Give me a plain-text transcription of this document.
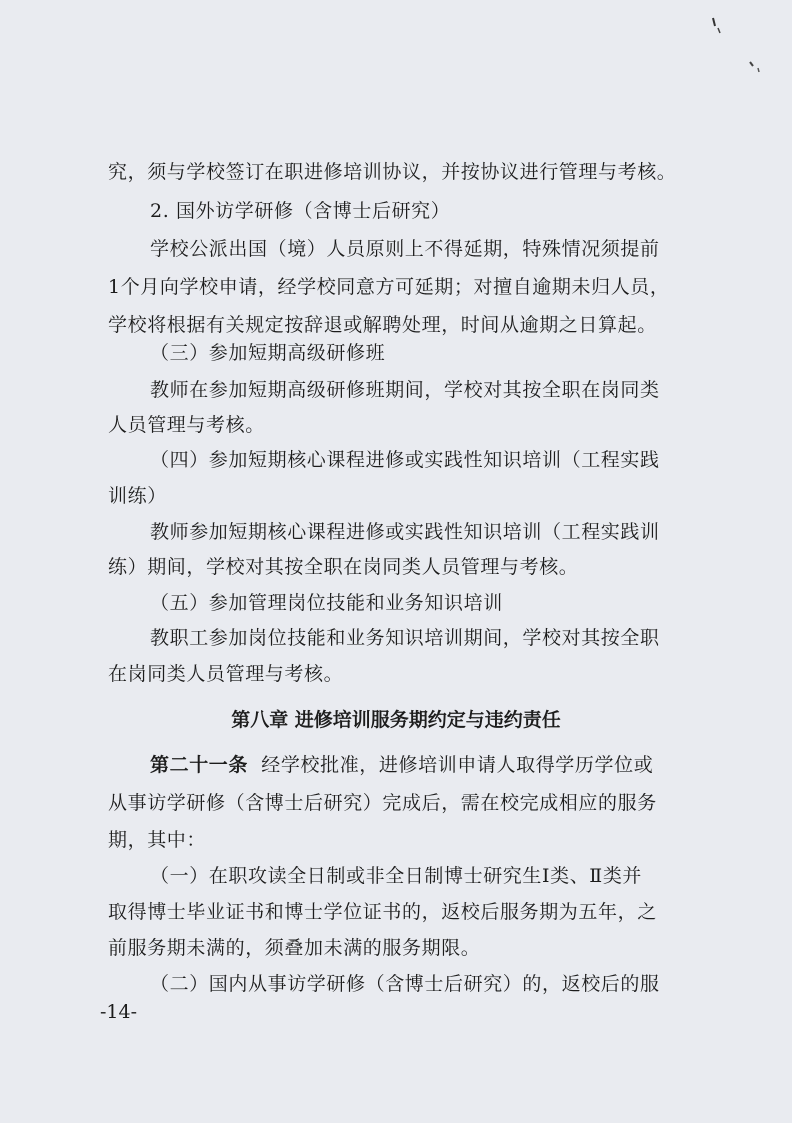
究，须与学校签订在职进修培训协议，并按协议进行管理与考核。
2. 国外访学研修（含博士后研究）
学校公派出国（境）人员原则上不得延期，特殊情况须提前
1个月向学校申请，经学校同意方可延期；对擅自逾期未归人员，
学校将根据有关规定按辞退或解聘处理，时间从逾期之日算起。
（三）参加短期高级研修班
教师在参加短期高级研修班期间，学校对其按全职在岗同类
人员管理与考核。
（四）参加短期核心课程进修或实践性知识培训（工程实践
训练）
教师参加短期核心课程进修或实践性知识培训（工程实践训
练）期间，学校对其按全职在岗同类人员管理与考核。
（五）参加管理岗位技能和业务知识培训
教职工参加岗位技能和业务知识培训期间，学校对其按全职
在岗同类人员管理与考核。
第八章 进修培训服务期约定与违约责任
第二十一条 经学校批准，进修培训申请人取得学历学位或
从事访学研修（含博士后研究）完成后，需在校完成相应的服务
期，其中：
（一）在职攻读全日制或非全日制博士研究生Ⅰ类、Ⅱ类并
取得博士毕业证书和博士学位证书的，返校后服务期为五年，之
前服务期未满的，须叠加未满的服务期限。
（二）国内从事访学研修（含博士后研究）的，返校后的服
-14-
